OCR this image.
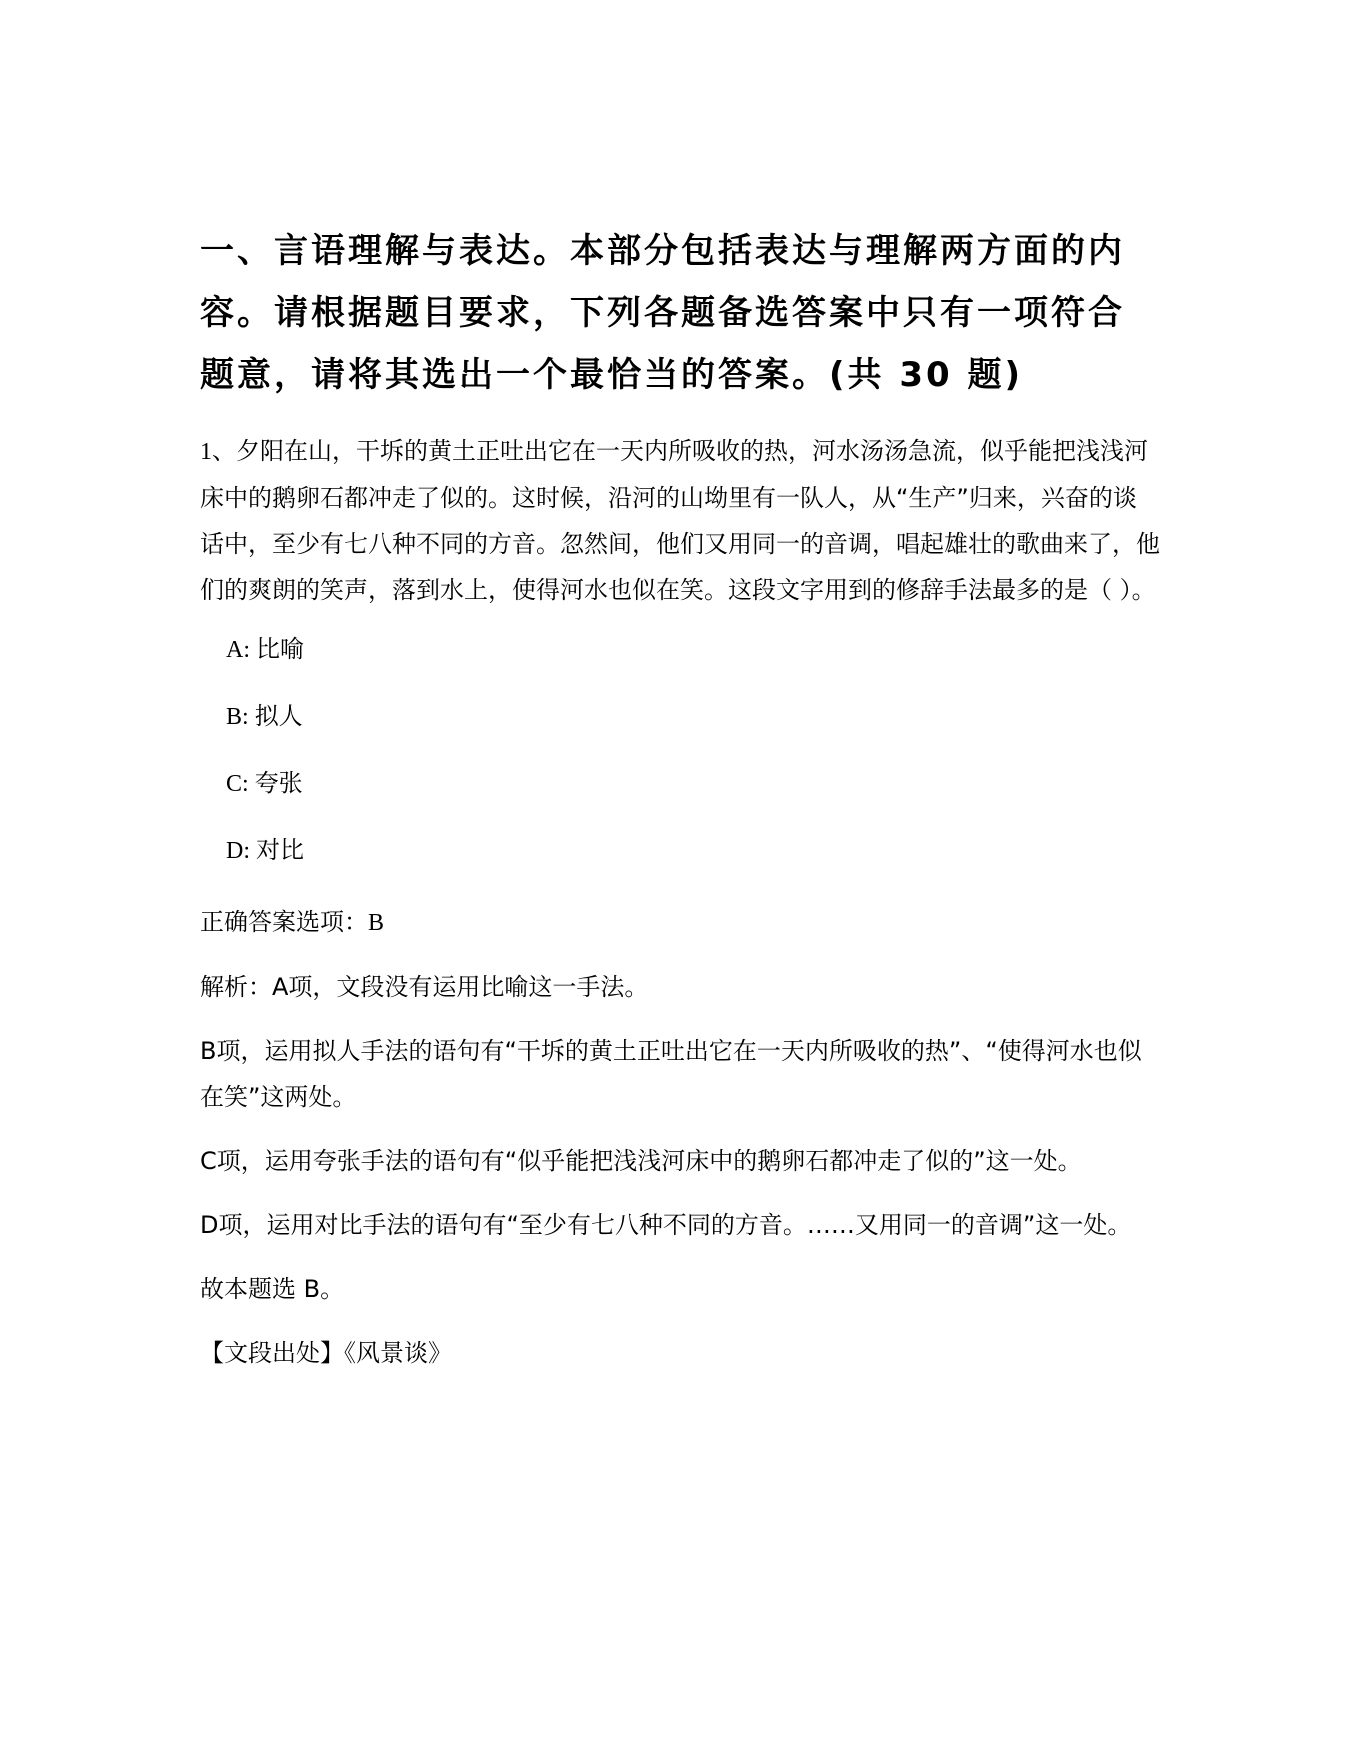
一、言语理解与表达。本部分包括表达与理解两方面的内容。请根据题目要求，下列各题备选答案中只有一项符合题意，请将其选出一个最恰当的答案。(共 30 题)

1、夕阳在山，干坼的黄土正吐出它在一天内所吸收的热，河水汤汤急流，似乎能把浅浅河床中的鹅卵石都冲走了似的。这时候，沿河的山坳里有一队人，从“生产”归来，兴奋的谈话中，至少有七八种不同的方音。忽然间，他们又用同一的音调，唱起雄壮的歌曲来了，他们的爽朗的笑声，落到水上，使得河水也似在笑。这段文字用到的修辞手法最多的是（ ）。

A: 比喻
B: 拟人
C: 夸张
D: 对比

正确答案选项：B

解析：A项，文段没有运用比喻这一手法。

B项，运用拟人手法的语句有“干坼的黄土正吐出它在一天内所吸收的热”、“使得河水也似在笑”这两处。

C项，运用夸张手法的语句有“似乎能把浅浅河床中的鹅卵石都冲走了似的”这一处。

D项，运用对比手法的语句有“至少有七八种不同的方音。……又用同一的音调”这一处。

故本题选 B。

【文段出处】《风景谈》
